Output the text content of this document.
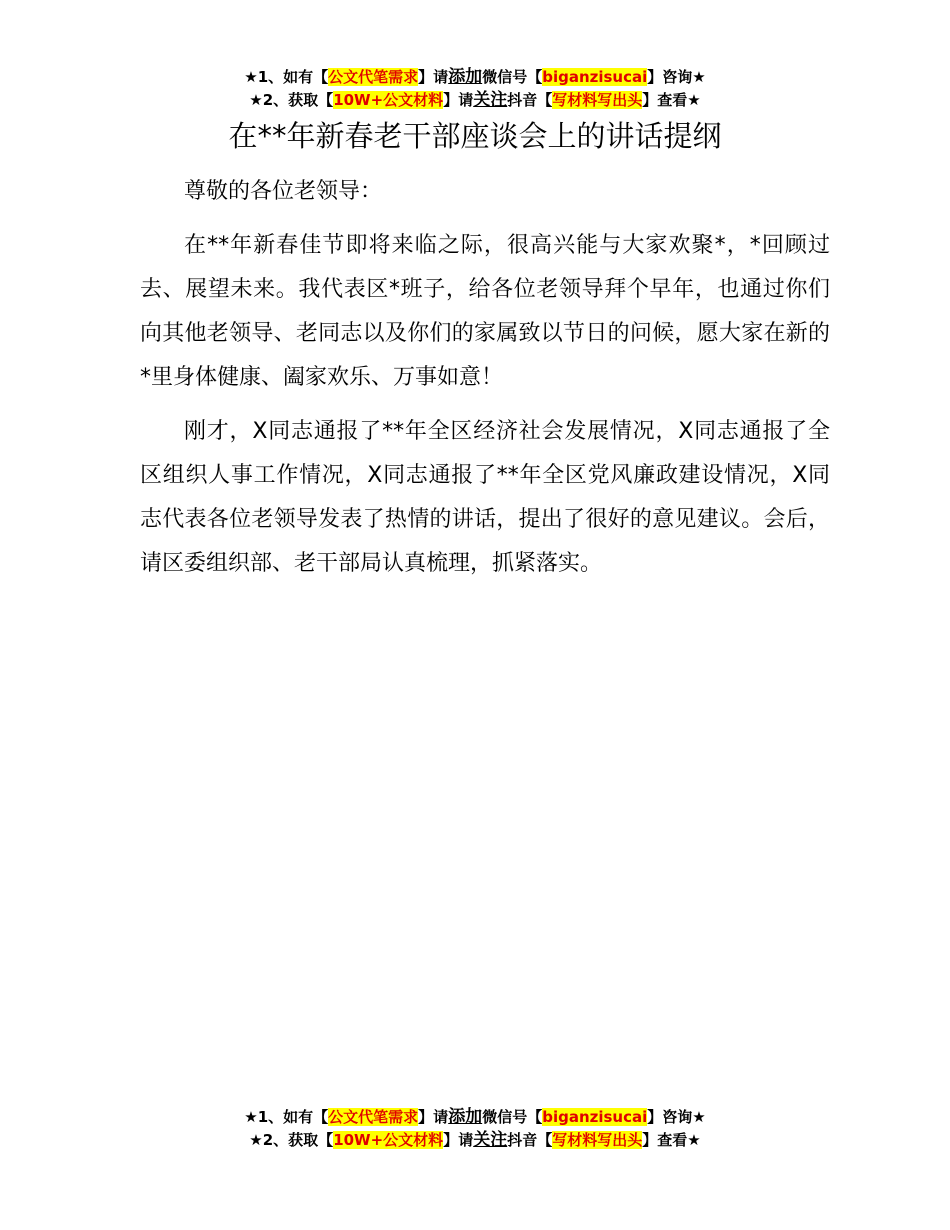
★1、如有【公文代笔需求】请添加微信号【biganzisucai】咨询★
★2、获取【10W+公文材料】请关注抖音【写材料写出头】查看★
在**年新春老干部座谈会上的讲话提纲

尊敬的各位老领导：

在**年新春佳节即将来临之际，很高兴能与大家欢聚*，*回顾过去、展望未来。我代表区*班子，给各位老领导拜个早年，也通过你们向其他老领导、老同志以及你们的家属致以节日的问候，愿大家在新的*里身体健康、阖家欢乐、万事如意！

刚才，X同志通报了**年全区经济社会发展情况，X同志通报了全区组织人事工作情况，X同志通报了**年全区党风廉政建设情况，X同志代表各位老领导发表了热情的讲话，提出了很好的意见建议。会后，请区委组织部、老干部局认真梳理，抓紧落实。

★1、如有【公文代笔需求】请添加微信号【biganzisucai】咨询★
★2、获取【10W+公文材料】请关注抖音【写材料写出头】查看★
